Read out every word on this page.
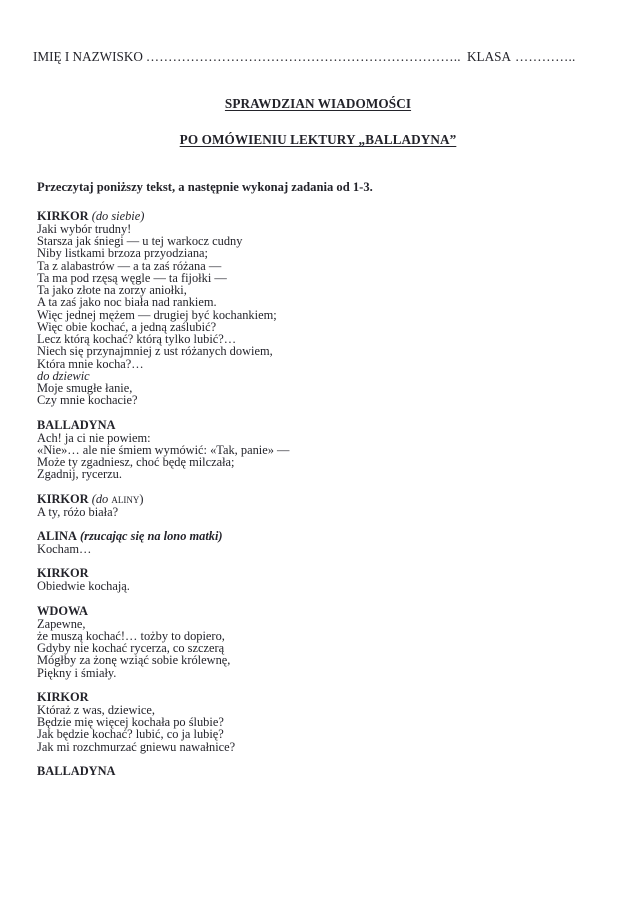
IMIĘ I NAZWISKO …………………………………………………………….. KLASA …………..
SPRAWDZIAN WIADOMOŚCI
PO OMÓWIENIU LEKTURY „BALLADYNA”
Przeczytaj poniższy tekst, a następnie wykonaj zadania od 1-3.
KIRKOR (do siebie)
Jaki wybór trudny!
Starsza jak śniegi — u tej warkocz cudny
Niby listkami brzoza przyodziana;
Ta z alabastrów — a ta zaś różana —
Ta ma pod rzęsą węgle — ta fijołki —
Ta jako złote na zorzy aniołki,
A ta zaś jako noc biała nad rankiem.
Więc jednej mężem — drugiej być kochankiem;
Więc obie kochać, a jedną zaślubić?
Lecz którą kochać? którą tylko lubić?…
Niech się przynajmniej z ust różanych dowiem,
Która mnie kocha?…
do dziewic
Moje smugłe łanie,
Czy mnie kochacie?
BALLADYNA
Ach! ja ci nie powiem:
«Nie»… ale nie śmiem wymówić: «Tak, panie» —
Może ty zgadniesz, choć będę milczała;
Zgadnij, rycerzu.
KIRKOR (do aliny)
A ty, różo biała?
ALINA (rzucając się na lono matki)
Kocham…
KIRKOR
Obiedwie kochają.
WDOWA
Zapewne,
że muszą kochać!… tożby to dopiero,
Gdyby nie kochać rycerza, co szczerą
Mógłby za żonę wziąć sobie królewnę,
Piękny i śmiały.
KIRKOR
Któraż z was, dziewice,
Będzie mię więcej kochała po ślubie?
Jak będzie kochać? lubić, co ja lubię?
Jak mi rozchmurzać gniewu nawałnice?
BALLADYNA
